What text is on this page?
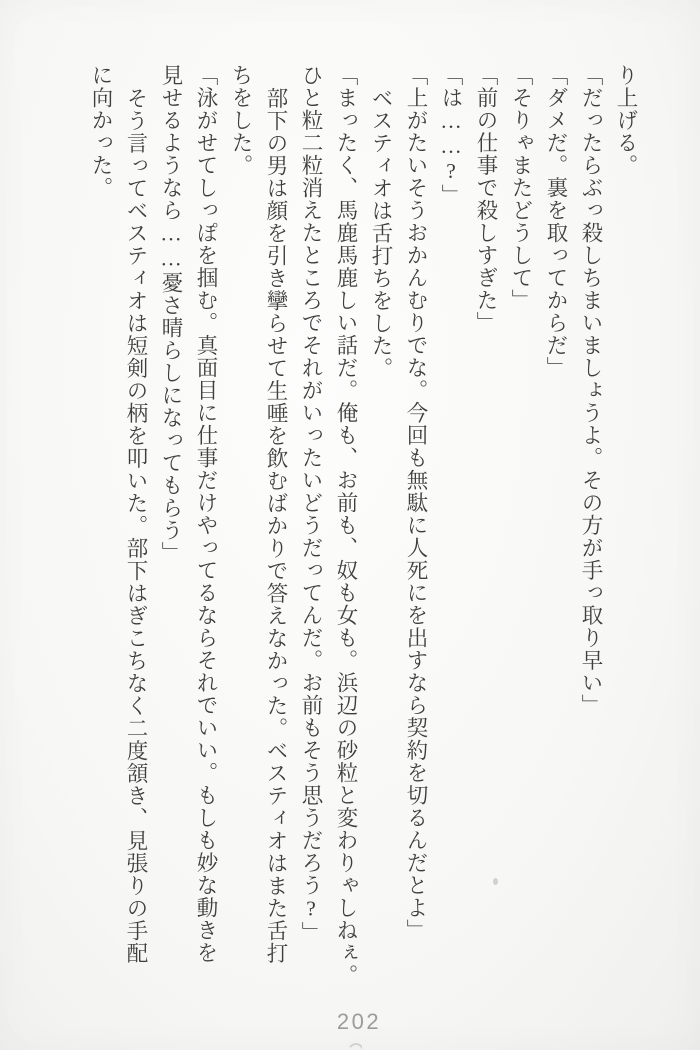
り上げる。
「だったらぶっ殺しちまいましょうよ。その方が手っ取り早い」
「ダメだ。裏を取ってからだ」
「そりゃまたどうして」
「前の仕事で殺しすぎた」
「は……?」
「上がたいそうおかんむりでな。今回も無駄に人死にを出すなら契約を切るんだとよ」
ベスティオは舌打ちをした。
「まったく、馬鹿馬鹿しい話だ。俺も、お前も、奴も女も。浜辺の砂粒と変わりゃしねぇ。
ひと粒二粒消えたところでそれがいったいどうだってんだ。お前もそう思うだろう?」
部下の男は顔を引き攣らせて生唾を飲むばかりで答えなかった。ベスティオはまた舌打
ちをした。
「泳がせてしっぽを掴む。真面目に仕事だけやってるならそれでいい。もしも妙な動きを
見せるようなら……憂さ晴らしになってもらう」
そう言ってベスティオは短剣の柄を叩いた。部下はぎこちなく二度頷き、見張りの手配
に向かった。
202
